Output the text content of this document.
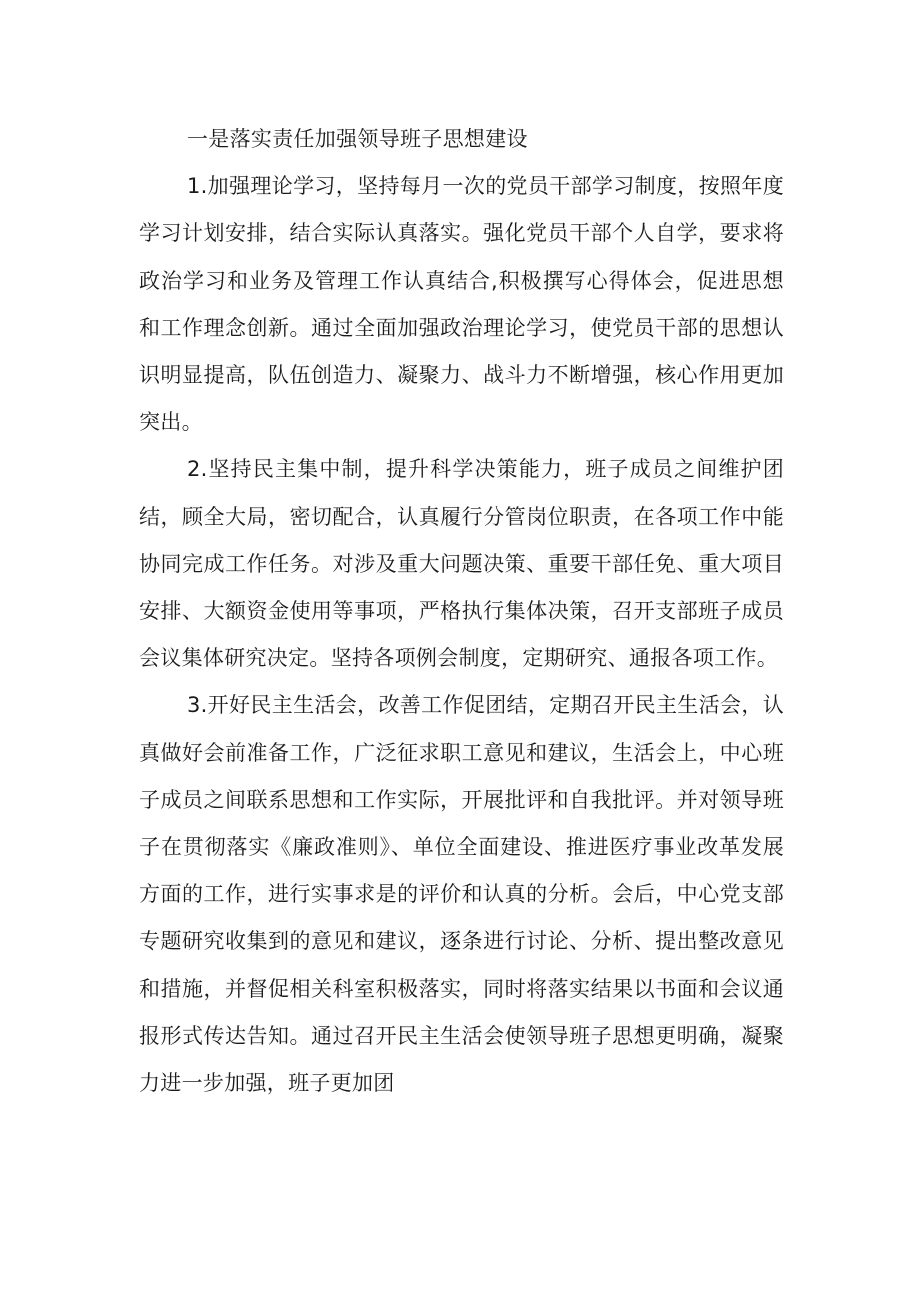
一是落实责任加强领导班子思想建设

1.加强理论学习，坚持每月一次的党员干部学习制度，按照年度学习计划安排，结合实际认真落实。强化党员干部个人自学，要求将政治学习和业务及管理工作认真结合,积极撰写心得体会，促进思想和工作理念创新。通过全面加强政治理论学习，使党员干部的思想认识明显提高，队伍创造力、凝聚力、战斗力不断增强，核心作用更加突出。

2.坚持民主集中制，提升科学决策能力，班子成员之间维护团结，顾全大局，密切配合，认真履行分管岗位职责，在各项工作中能协同完成工作任务。对涉及重大问题决策、重要干部任免、重大项目安排、大额资金使用等事项，严格执行集体决策，召开支部班子成员会议集体研究决定。坚持各项例会制度，定期研究、通报各项工作。

3.开好民主生活会，改善工作促团结，定期召开民主生活会，认真做好会前准备工作，广泛征求职工意见和建议，生活会上，中心班子成员之间联系思想和工作实际，开展批评和自我批评。并对领导班子在贯彻落实《廉政准则》、单位全面建设、推进医疗事业改革发展方面的工作，进行实事求是的评价和认真的分析。会后，中心党支部专题研究收集到的意见和建议，逐条进行讨论、分析、提出整改意见和措施，并督促相关科室积极落实，同时将落实结果以书面和会议通报形式传达告知。通过召开民主生活会使领导班子思想更明确，凝聚力进一步加强，班子更加团
